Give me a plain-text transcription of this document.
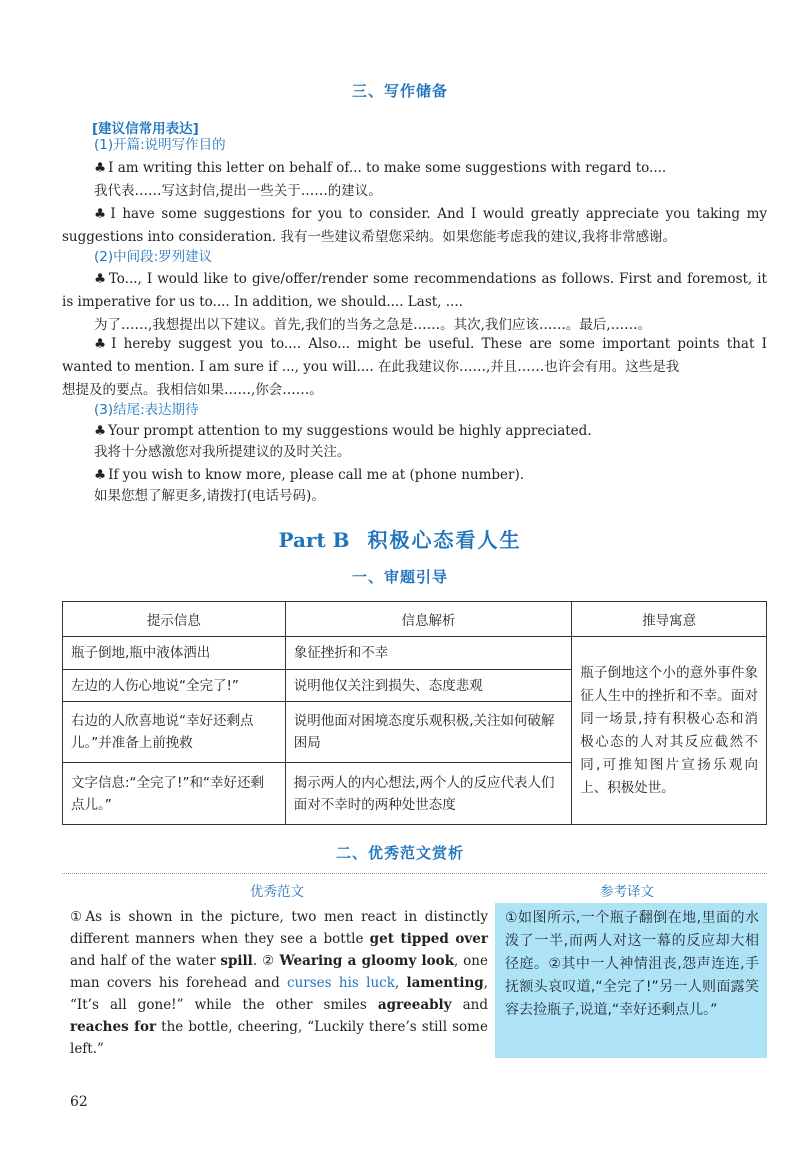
三、写作储备
[建议信常用表达]
(1)开篇:说明写作目的
♣ I am writing this letter on behalf of... to make some suggestions with regard to....
我代表……写这封信,提出一些关于……的建议。
♣ I have some suggestions for you to consider. And I would greatly appreciate you taking my
suggestions into consideration. 我有一些建议希望您采纳。如果您能考虑我的建议,我将非常感谢。
(2)中间段:罗列建议
♣ To..., I would like to give/offer/render some recommendations as follows. First and foremost, it
is imperative for us to.... In addition, we should.... Last, ....
为了……,我想提出以下建议。首先,我们的当务之急是……。其次,我们应该……。最后,……。
♣ I hereby suggest you to.... Also... might be useful. These are some important points that I
wanted to mention. I am sure if ..., you will.... 在此我建议你……,并且……也许会有用。这些是我
想提及的要点。我相信如果……,你会……。
(3)结尾:表达期待
♣ Your prompt attention to my suggestions would be highly appreciated.
我将十分感激您对我所提建议的及时关注。
♣ If you wish to know more, please call me at (phone number).
如果您想了解更多,请拨打(电话号码)。
Part B 积极心态看人生
一、审题引导
提示信息	信息解析	推导寓意
瓶子倒地,瓶中液体洒出	象征挫折和不幸	瓶子倒地这个小的意外事件象征人生中的挫折和不幸。面对同一场景,持有积极心态和消极心态的人对其反应截然不同,可推知图片宣扬乐观向上、积极处世。
左边的人伤心地说“全完了!”	说明他仅关注到损失、态度悲观	
右边的人欣喜地说“幸好还剩点儿。”并准备上前挽救	说明他面对困境态度乐观积极,关注如何破解困局	
文字信息:“全完了!”和“幸好还剩点儿。”	揭示两人的内心想法,两个人的反应代表人们面对不幸时的两种处世态度	
二、优秀范文赏析
优秀范文	参考译文
①As is shown in the picture, two men react in distinctly different manners when they see a bottle get tipped over and half of the water spill. ② Wearing a gloomy look, one man covers his forehead and curses his luck, lamenting, “It’s all gone!” while the other smiles agreeably and reaches for the bottle, cheering, “Luckily there’s still some left.”
①如图所示,一个瓶子翻倒在地,里面的水泼了一半,而两人对这一幕的反应却大相径庭。②其中一人神情沮丧,怨声连连,手抚额头哀叹道,“全完了!”另一人则面露笑容去捡瓶子,说道,“幸好还剩点儿。”
62
